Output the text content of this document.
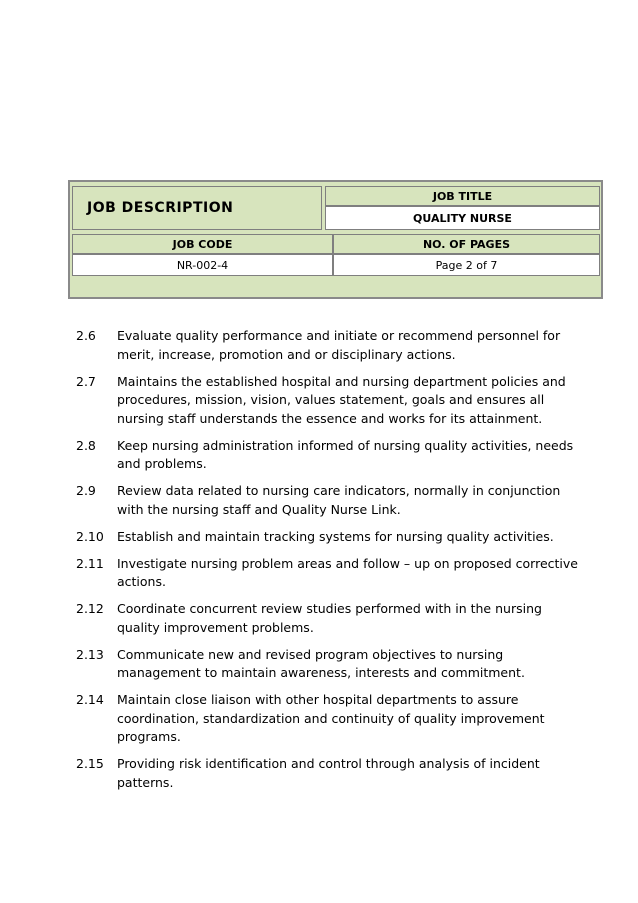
JOB DESCRIPTION
JOB TITLE
QUALITY NURSE
JOB CODE	NO. OF PAGES
NR-002-4	Page 2 of 7
2.6	Evaluate quality performance and initiate or recommend personnel for
merit, increase, promotion and or disciplinary actions.
2.7	Maintains the established hospital and nursing department policies and
procedures, mission, vision, values statement, goals and ensures all
nursing staff understands the essence and works for its attainment.
2.8	Keep nursing administration informed of nursing quality activities, needs
and problems.
2.9	Review data related to nursing care indicators, normally in conjunction
with the nursing staff and Quality Nurse Link.
2.10	Establish and maintain tracking systems for nursing quality activities.
2.11	Investigate nursing problem areas and follow – up on proposed corrective
actions.
2.12	Coordinate concurrent review studies performed with in the nursing
quality improvement problems.
2.13	Communicate new and revised program objectives to nursing
management to maintain awareness, interests and commitment.
2.14	Maintain close liaison with other hospital departments to assure
coordination, standardization and continuity of quality improvement
programs.
2.15	Providing risk identification and control through analysis of incident
patterns.
